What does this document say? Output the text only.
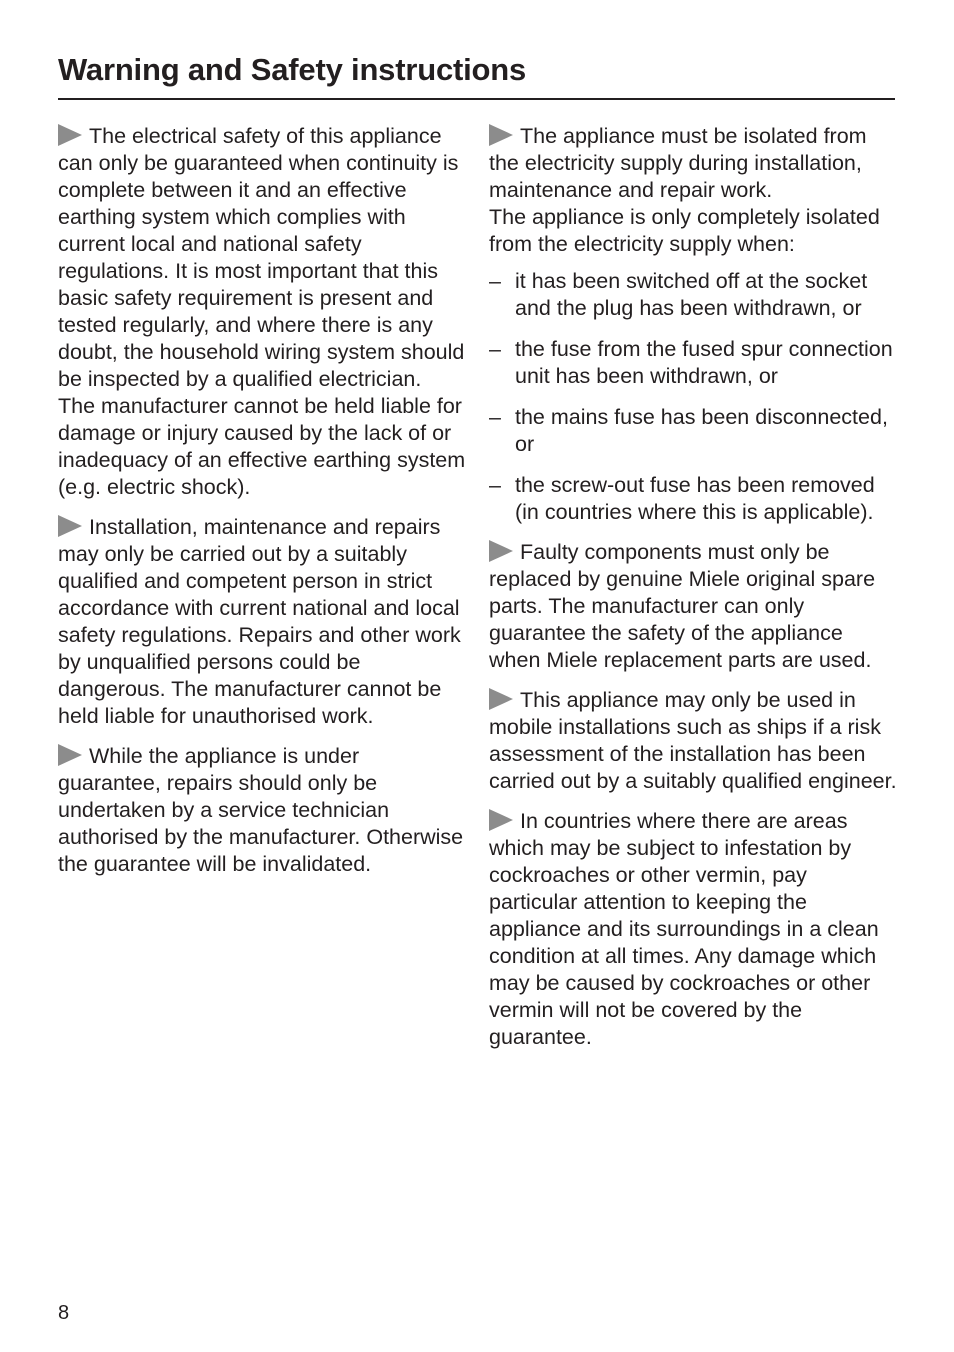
Warning and Safety instructions
The electrical safety of this appliance can only be guaranteed when continuity is complete between it and an effective earthing system which complies with current local and national safety regulations. It is most important that this basic safety requirement is present and tested regularly, and where there is any doubt, the household wiring system should be inspected by a qualified electrician.

The manufacturer cannot be held liable for damage or injury caused by the lack of or inadequacy of an effective earthing system (e.g. electric shock).

Installation, maintenance and repairs may only be carried out by a suitably qualified and competent person in strict accordance with current national and local safety regulations. Repairs and other work by unqualified persons could be dangerous. The manufacturer cannot be held liable for unauthorised work.
While the appliance is under guarantee, repairs should only be undertaken by a service technician authorised by the manufacturer. Otherwise the guarantee will be invalidated.
The appliance must be isolated from the electricity supply during installation, maintenance and repair work.

The appliance is only completely isolated from the electricity supply when:

– it has been switched off at the socket and the plug has been withdrawn, or
– the fuse from the fused spur connection unit has been withdrawn, or
– the mains fuse has been disconnected, or
– the screw-out fuse has been removed (in countries where this is applicable).
Faulty components must only be replaced by genuine Miele original spare parts. The manufacturer can only guarantee the safety of the appliance when Miele replacement parts are used.
This appliance may only be used in mobile installations such as ships if a risk assessment of the installation has been carried out by a suitably qualified engineer.
In countries where there are areas which may be subject to infestation by cockroaches or other vermin, pay particular attention to keeping the appliance and its surroundings in a clean condition at all times. Any damage which may be caused by cockroaches or other vermin will not be covered by the guarantee.
8
